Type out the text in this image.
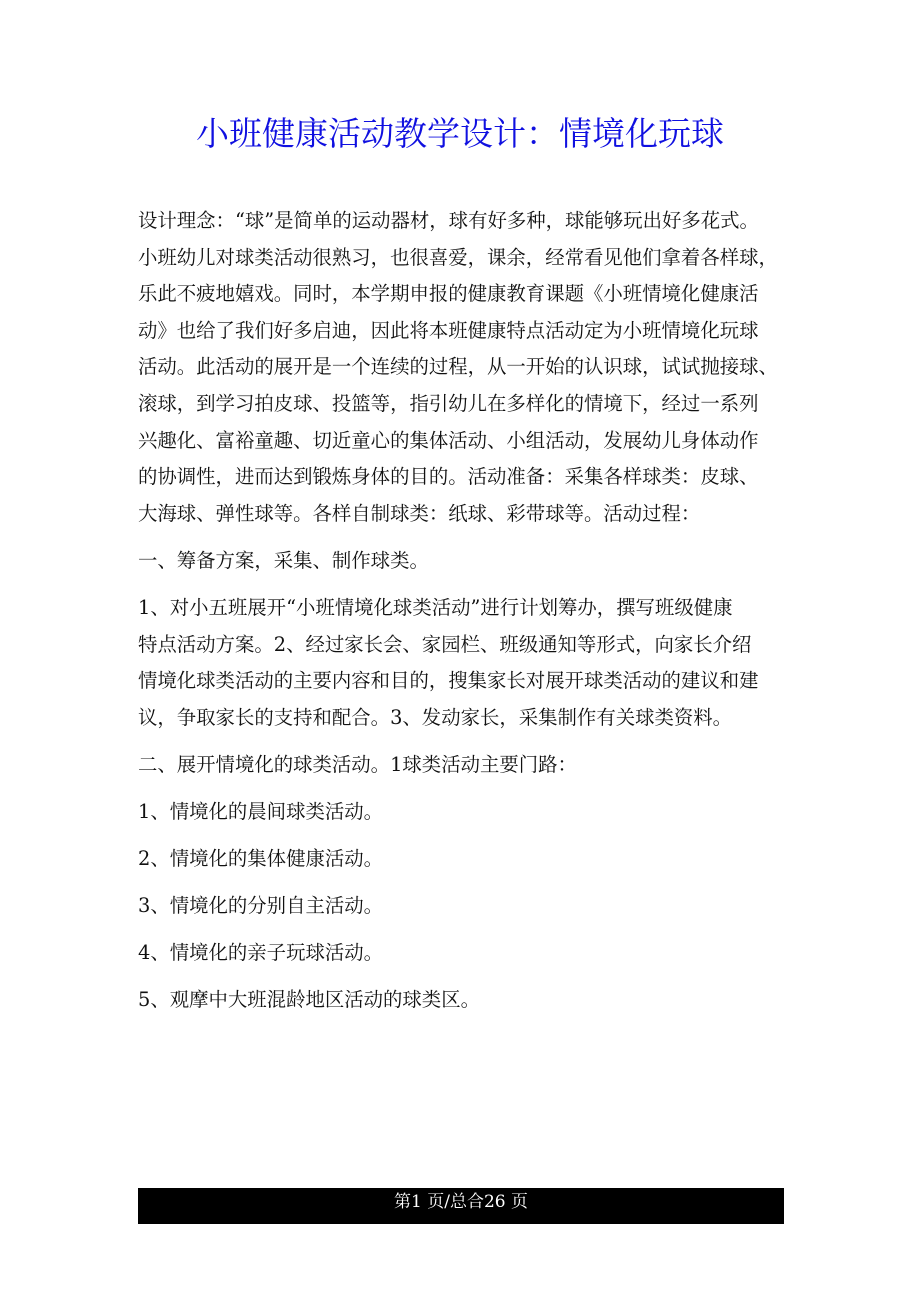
小班健康活动教学设计：情境化玩球
设计理念：“球”是简单的运动器材，球有好多种，球能够玩出好多花式。
小班幼儿对球类活动很熟习，也很喜爱，课余，经常看见他们拿着各样球，
乐此不疲地嬉戏。同时，本学期申报的健康教育课题《小班情境化健康活
动》也给了我们好多启迪，因此将本班健康特点活动定为小班情境化玩球
活动。此活动的展开是一个连续的过程，从一开始的认识球，试试抛接球、
滚球，到学习拍皮球、投篮等，指引幼儿在多样化的情境下，经过一系列
兴趣化、富裕童趣、切近童心的集体活动、小组活动，发展幼儿身体动作
的协调性，进而达到锻炼身体的目的。活动准备：采集各样球类：皮球、
大海球、弹性球等。各样自制球类：纸球、彩带球等。活动过程：
一、筹备方案，采集、制作球类。
1、对小五班展开“小班情境化球类活动”进行计划筹办，撰写班级健康
特点活动方案。2、经过家长会、家园栏、班级通知等形式，向家长介绍
情境化球类活动的主要内容和目的，搜集家长对展开球类活动的建议和建
议，争取家长的支持和配合。3、发动家长，采集制作有关球类资料。
二、展开情境化的球类活动。1球类活动主要门路：
1、情境化的晨间球类活动。
2、情境化的集体健康活动。
3、情境化的分别自主活动。
4、情境化的亲子玩球活动。
5、观摩中大班混龄地区活动的球类区。
第1 页/总合26 页
